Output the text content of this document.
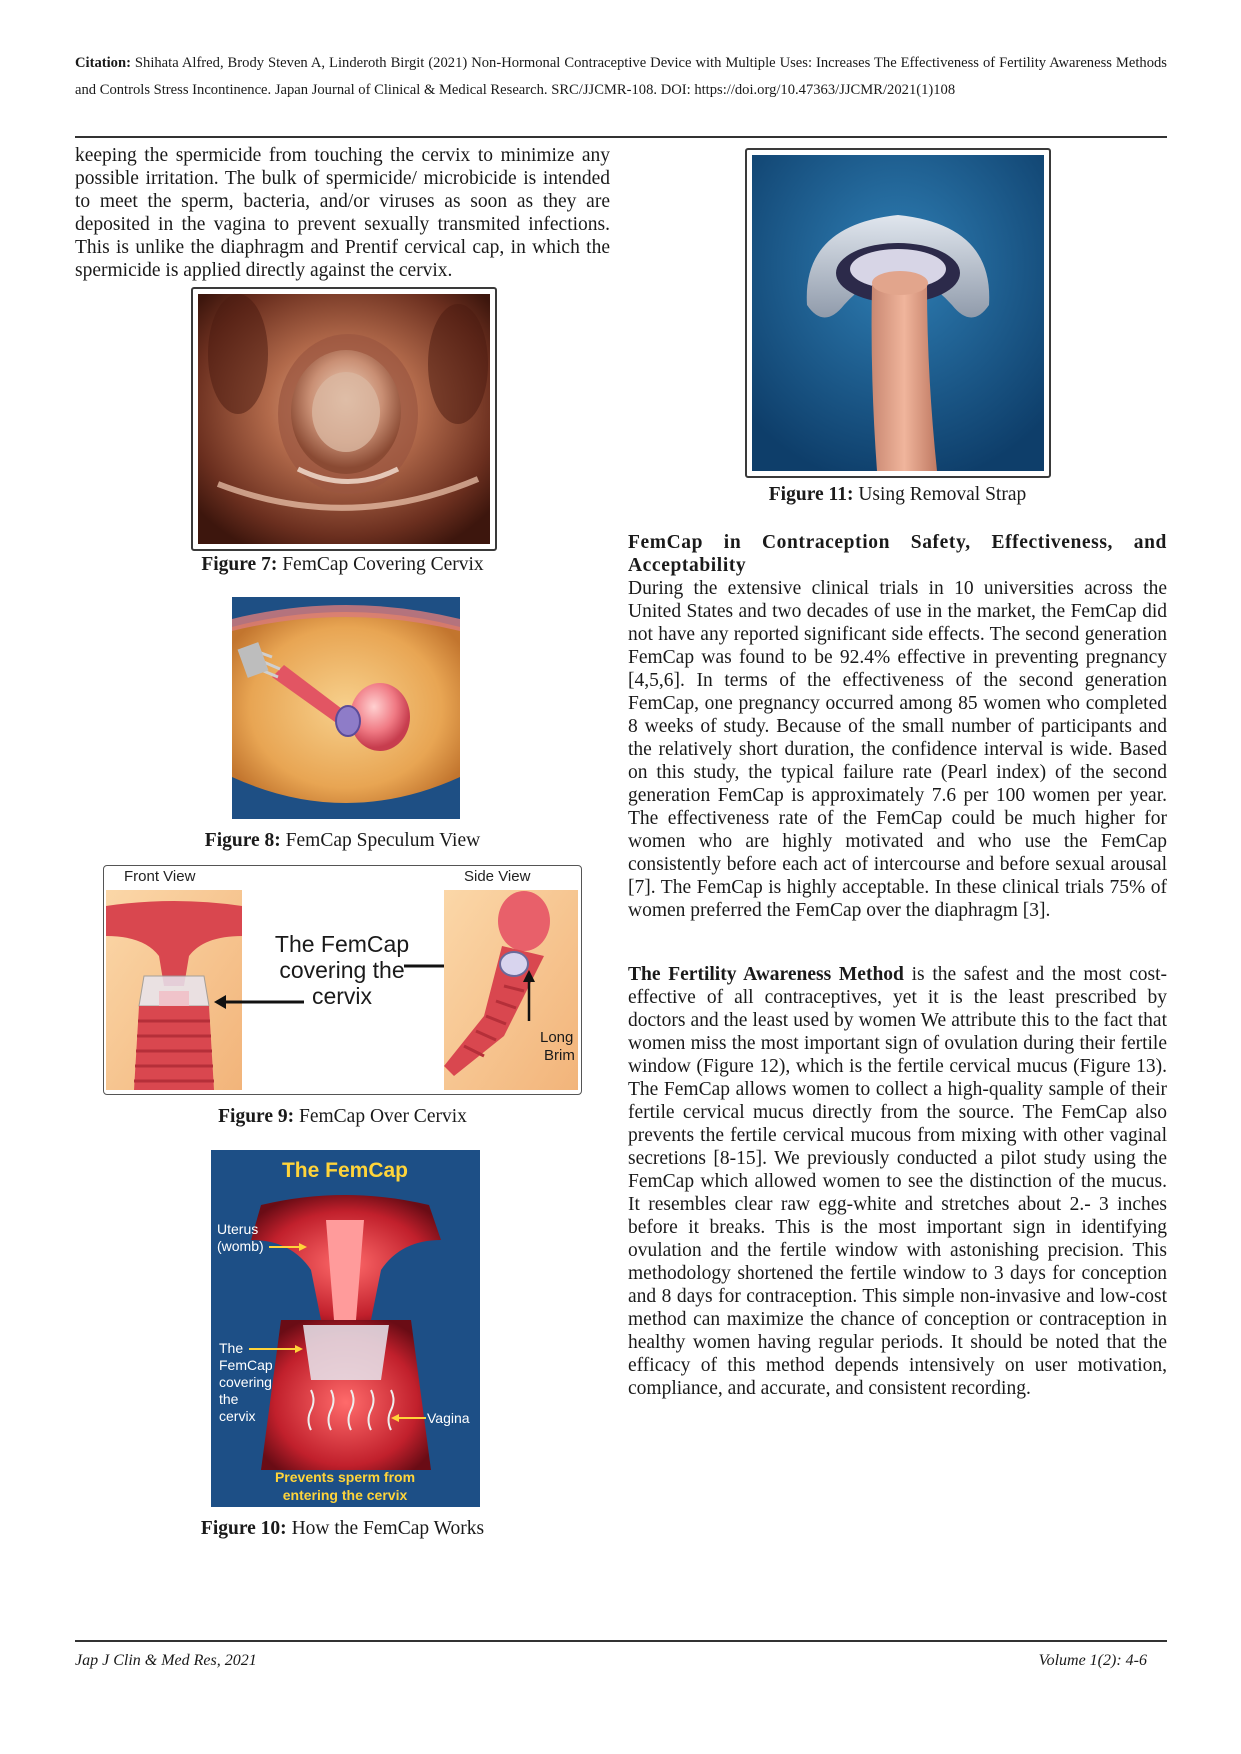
Citation: Shihata Alfred, Brody Steven A, Linderoth Birgit (2021) Non-Hormonal Contraceptive Device with Multiple Uses: Increases The Effectiveness of Fertility Awareness Methods and Controls Stress Incontinence. Japan Journal of Clinical & Medical Research. SRC/JJCMR-108. DOI: https://doi.org/10.47363/JJCMR/2021(1)108

keeping the spermicide from touching the cervix to minimize any possible irritation. The bulk of spermicide/ microbicide is intended to meet the sperm, bacteria, and/or viruses as soon as they are deposited in the vagina to prevent sexually transmited infections. This is unlike the diaphragm and Prentif cervical cap, in which the spermicide is applied directly against the cervix.

Figure 7: FemCap Covering Cervix
Figure 8: FemCap Speculum View
Front View	Side View
The FemCap
covering the
cervix
Long
Brim
Figure 9: FemCap Over Cervix
The FemCap
Uterus
(womb)
The
FemCap
covering
the
cervix	Vagina
Prevents sperm from
entering the cervix
Figure 10: How the FemCap Works
Figure 11: Using Removal Strap

FemCap in Contraception Safety, Effectiveness, and Acceptability

During the extensive clinical trials in 10 universities across the United States and two decades of use in the market, the FemCap did not have any reported significant side effects. The second generation FemCap was found to be 92.4% effective in preventing pregnancy [4,5,6]. In terms of the effectiveness of the second generation FemCap, one pregnancy occurred among 85 women who completed 8 weeks of study. Because of the small number of participants and the relatively short duration, the confidence interval is wide. Based on this study, the typical failure rate (Pearl index) of the second generation FemCap is approximately 7.6 per 100 women per year. The effectiveness rate of the FemCap could be much higher for women who are highly motivated and who use the FemCap consistently before each act of intercourse and before sexual arousal [7]. The FemCap is highly acceptable. In these clinical trials 75% of women preferred the FemCap over the diaphragm [3].

The Fertility Awareness Method is the safest and the most cost-effective of all contraceptives, yet it is the least prescribed by doctors and the least used by women We attribute this to the fact that women miss the most important sign of ovulation during their fertile window (Figure 12), which is the fertile cervical mucus (Figure 13). The FemCap allows women to collect a high-quality sample of their fertile cervical mucus directly from the source. The FemCap also prevents the fertile cervical mucous from mixing with other vaginal secretions [8-15]. We previously conducted a pilot study using the FemCap which allowed women to see the distinction of the mucus. It resembles clear raw egg-white and stretches about 2.- 3 inches before it breaks. This is the most important sign in identifying ovulation and the fertile window with astonishing precision. This methodology shortened the fertile window to 3 days for conception and 8 days for contraception. This simple non-invasive and low-cost method can maximize the chance of conception or contraception in healthy women having regular periods. It should be noted that the efficacy of this method depends intensively on user motivation, compliance, and accurate, and consistent recording.

Jap J Clin & Med Res, 2021	Volume 1(2): 4-6
